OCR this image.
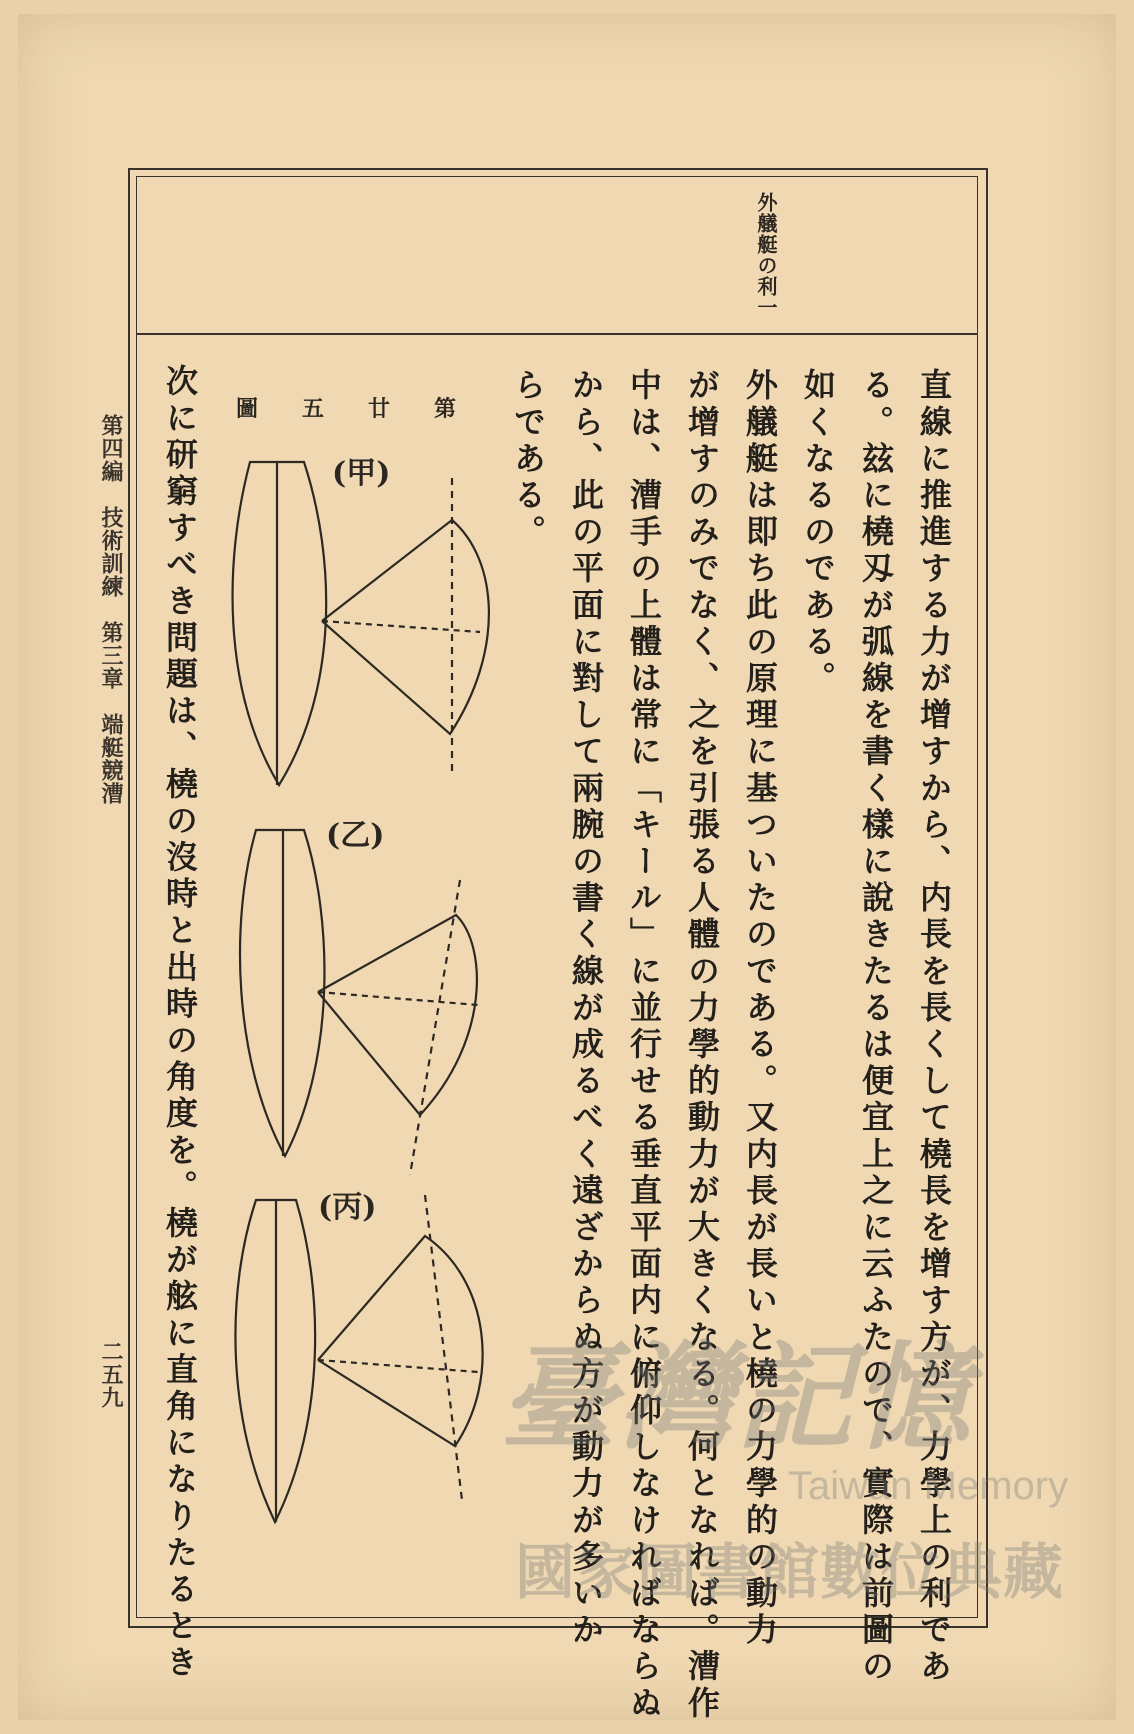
外艤艇の利一
直線に推進する力が增すから、内長を長くして橈長を增す方が、力學上の利であ
る。玆に橈刄が弧線を書く樣に說きたるは便宜上之に云ふたので、實際は前圖の
如くなるのである。
外艤艇は即ち此の原理に基ついたのである。又内長が長いと橈の力學的の動力
が增すのみでなく、之を引張る人體の力學的動力が大きくなる。何となれば。漕作
中は、漕手の上體は常に「キール」に並行せる垂直平面内に俯仰しなければならぬ
から、此の平面に對して兩腕の書く線が成るべく遠ざからぬ方が動力が多いか
らである。
次に研窮すべき問題は、橈の沒時と出時の角度を。橈が舷に直角になりたるとき	第
廿
五
圖
(甲)
(乙)
(丙)
第四編　技術訓練　第三章　端艇競漕
二五九	臺灣記憶
Taiwan Memory
國家圖書館數位典藏
